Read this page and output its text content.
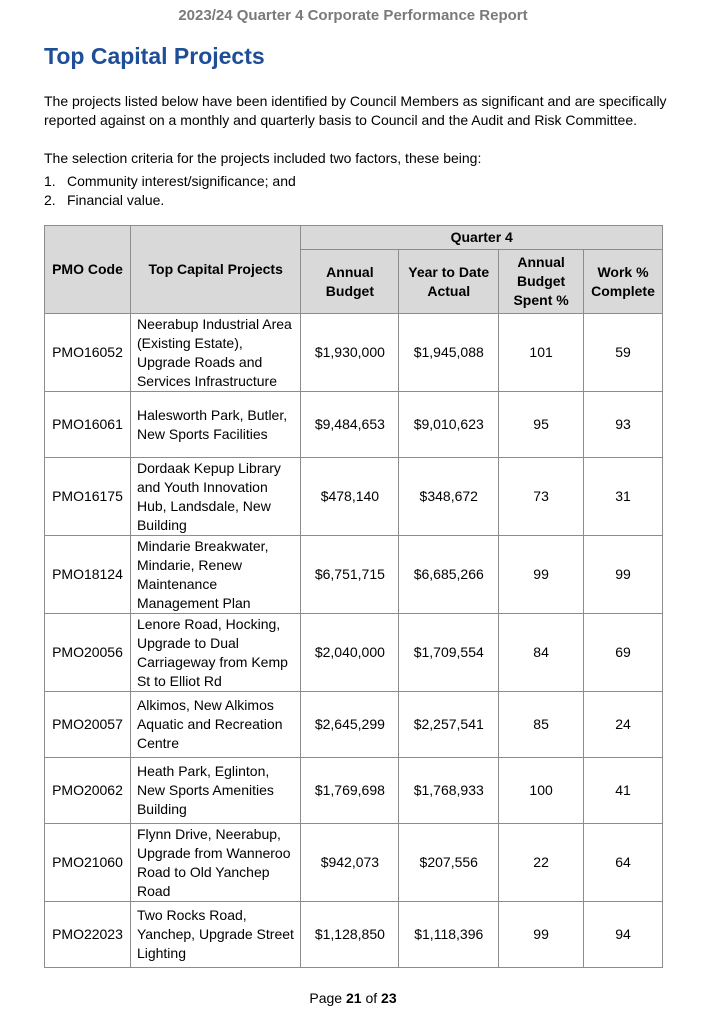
2023/24 Quarter 4 Corporate Performance Report
Top Capital Projects
The projects listed below have been identified by Council Members as significant and are specifically reported against on a monthly and quarterly basis to Council and the Audit and Risk Committee.
The selection criteria for the projects included two factors, these being:
1. Community interest/significance; and
2. Financial value.
PMO Code	Top Capital Projects	Quarter 4			
		Annual Budget	Year to Date Actual	Annual Budget Spent %	Work % Complete
PMO16052	Neerabup Industrial Area (Existing Estate), Upgrade Roads and Services Infrastructure	$1,930,000	$1,945,088	101	59
PMO16061	Halesworth Park, Butler, New Sports Facilities	$9,484,653	$9,010,623	95	93
PMO16175	Dordaak Kepup Library and Youth Innovation Hub, Landsdale, New Building	$478,140	$348,672	73	31
PMO18124	Mindarie Breakwater, Mindarie, Renew Maintenance Management Plan	$6,751,715	$6,685,266	99	99
PMO20056	Lenore Road, Hocking, Upgrade to Dual Carriageway from Kemp St to Elliot Rd	$2,040,000	$1,709,554	84	69
PMO20057	Alkimos, New Alkimos Aquatic and Recreation Centre	$2,645,299	$2,257,541	85	24
PMO20062	Heath Park, Eglinton, New Sports Amenities Building	$1,769,698	$1,768,933	100	41
PMO21060	Flynn Drive, Neerabup, Upgrade from Wanneroo Road to Old Yanchep Road	$942,073	$207,556	22	64
PMO22023	Two Rocks Road, Yanchep, Upgrade Street Lighting	$1,128,850	$1,118,396	99	94
Page 21 of 23
